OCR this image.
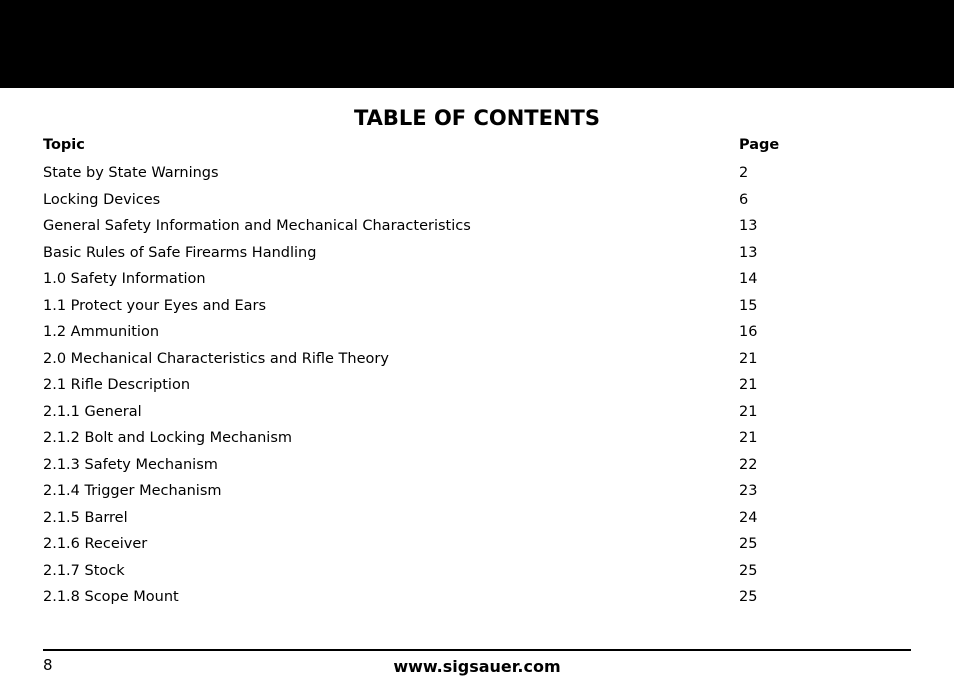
TABLE OF CONTENTS
Topic	Page
State by State Warnings	2
Locking Devices	6
General Safety Information and Mechanical Characteristics	13
Basic Rules of Safe Firearms Handling	13
1.0 Safety Information	14
1.1 Protect your Eyes and Ears	15
1.2 Ammunition	16
2.0 Mechanical Characteristics and Rifle Theory	21
2.1 Rifle Description	21
2.1.1 General	21
2.1.2 Bolt and Locking Mechanism	21
2.1.3 Safety Mechanism	22
2.1.4 Trigger Mechanism	23
2.1.5 Barrel	24
2.1.6 Receiver	25
2.1.7 Stock	25
2.1.8 Scope Mount	25
8	www.sigsauer.com
